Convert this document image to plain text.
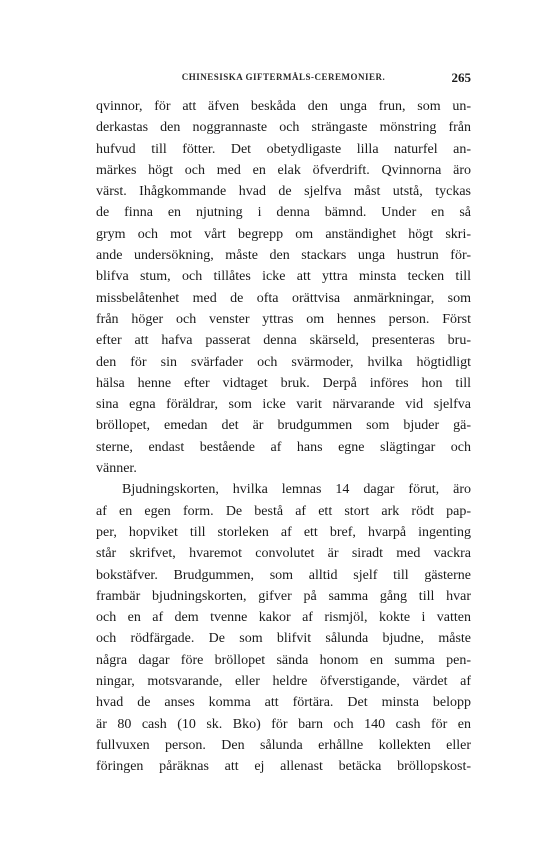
CHINESISKA GIFTERMÅLS-CEREMONIER.	265
qvinnor, för att äfven beskåda den unga frun, som un-
derkastas den noggrannaste och strängaste mönstring från
hufvud till fötter. Det obetydligaste lilla naturfel an-
märkes högt och med en elak öfverdrift. Qvinnorna äro
värst. Ihågkommande hvad de sjelfva måst utstå, tyckas
de finna en njutning i denna bämnd. Under en så
grym och mot vårt begrepp om anständighet högt skri-
ande undersökning, måste den stackars unga hustrun för-
blifva stum, och tillåtes icke att yttra minsta tecken till
missbelåtenhet med de ofta orättvisa anmärkningar, som
från höger och venster yttras om hennes person. Först
efter att hafva passerat denna skärseld, presenteras bru-
den för sin svärfader och svärmoder, hvilka högtidligt
hälsa henne efter vidtaget bruk. Derpå införes hon till
sina egna föräldrar, som icke varit närvarande vid sjelfva
bröllopet, emedan det är brudgummen som bjuder gä-
sterne, endast bestående af hans egne slägtingar och
vänner.
Bjudningskorten, hvilka lemnas 14 dagar förut, äro
af en egen form. De bestå af ett stort ark rödt pap-
per, hopviket till storleken af ett bref, hvarpå ingenting
står skrifvet, hvaremot convolutet är siradt med vackra
bokstäfver. Brudgummen, som alltid sjelf till gästerne
frambär bjudningskorten, gifver på samma gång till hvar
och en af dem tvenne kakor af rismjöl, kokte i vatten
och rödfärgade. De som blifvit sålunda bjudne, måste
några dagar före bröllopet sända honom en summa pen-
ningar, motsvarande, eller heldre öfverstigande, värdet af
hvad de anses komma att förtära. Det minsta belopp
är 80 cash (10 sk. Bko) för barn och 140 cash för en
fullvuxen person. Den sålunda erhållne kollekten eller
föringen påräknas att ej allenast betäcka bröllopskost-
